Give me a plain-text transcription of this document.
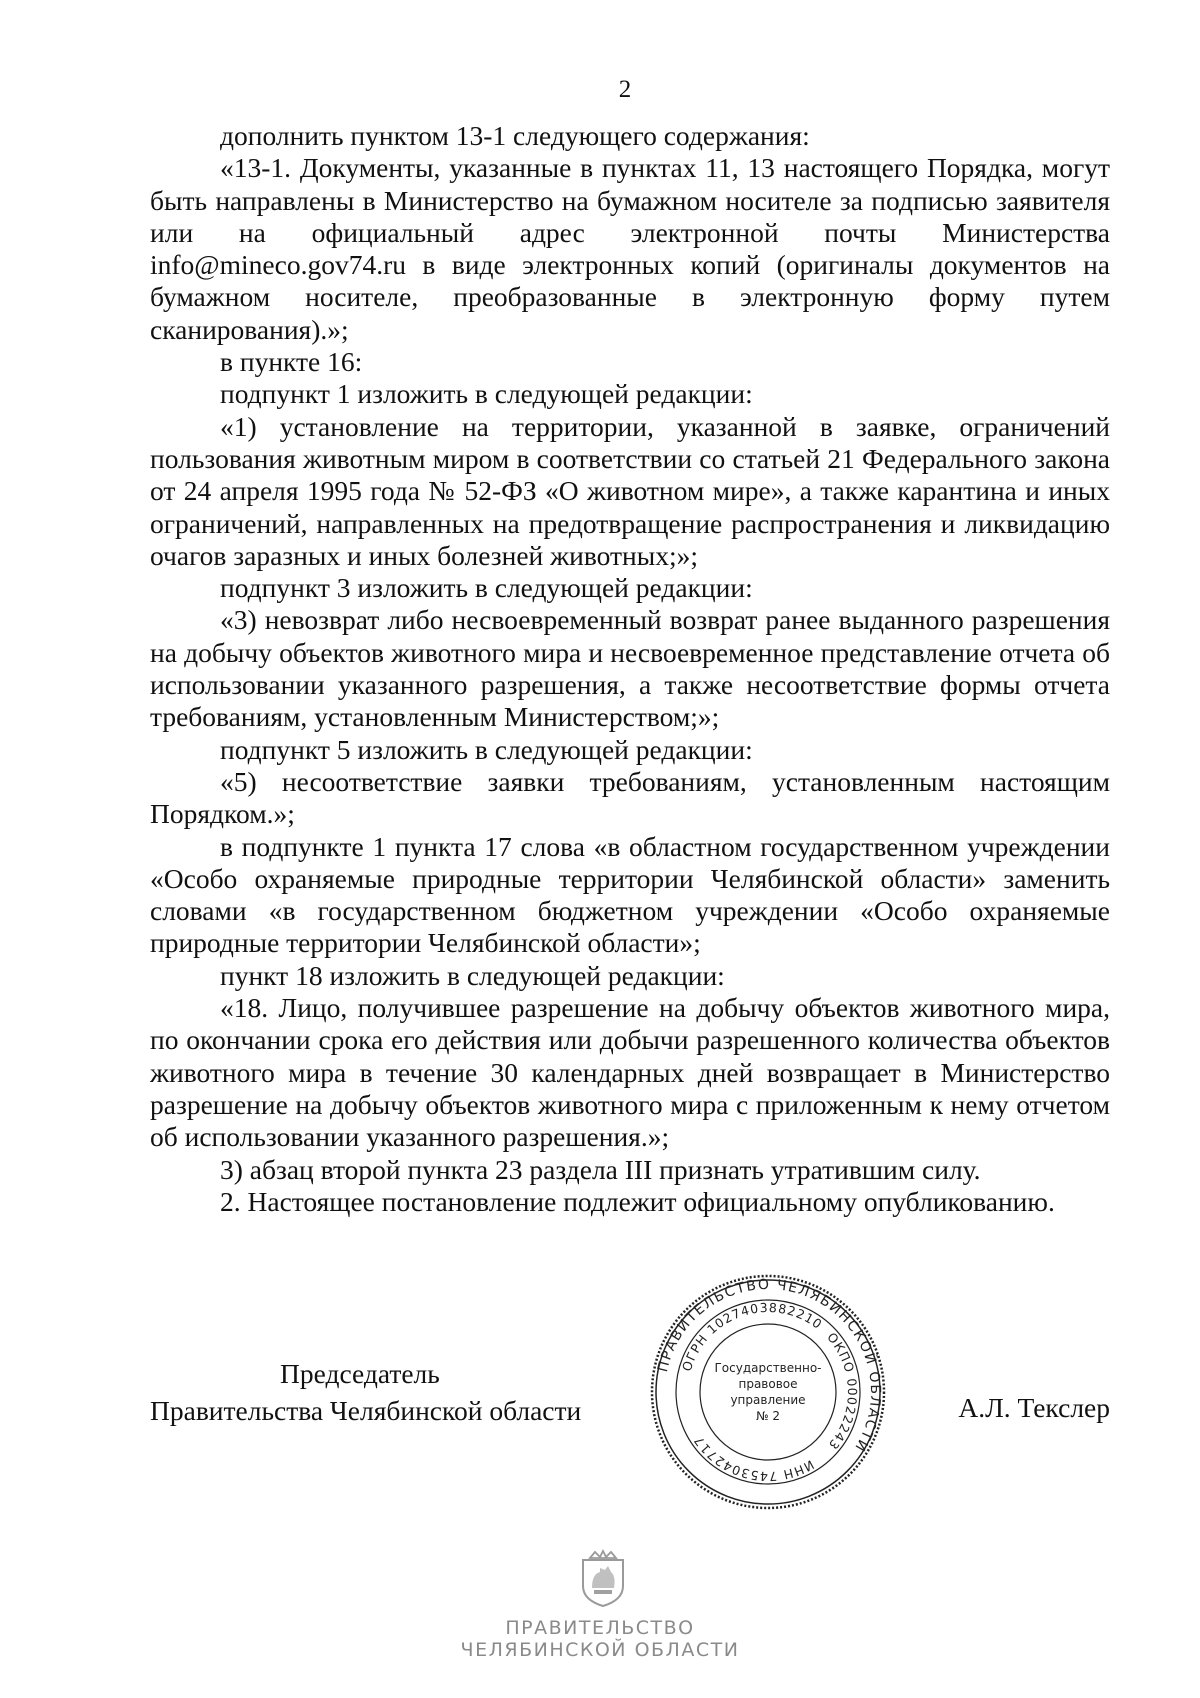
2

дополнить пунктом 13-1 следующего содержания:

«13-1. Документы, указанные в пунктах 11, 13 настоящего Порядка, могут быть направлены в Министерство на бумажном носителе за подписью заявителя или на официальный адрес электронной почты Министерства info@mineco.gov74.ru в виде электронных копий (оригиналы документов на бумажном носителе, преобразованные в электронную форму путем сканирования).»;

в пункте 16:

подпункт 1 изложить в следующей редакции:

«1) установление на территории, указанной в заявке, ограничений пользования животным миром в соответствии со статьей 21 Федерального закона от 24 апреля 1995 года № 52-ФЗ «О животном мире», а также карантина и иных ограничений, направленных на предотвращение распространения и ликвидацию очагов заразных и иных болезней животных;»;

подпункт 3 изложить в следующей редакции:

«3) невозврат либо несвоевременный возврат ранее выданного разрешения на добычу объектов животного мира и несвоевременное представление отчета об использовании указанного разрешения, а также несоответствие формы отчета требованиям, установленным Министерством;»;

подпункт 5 изложить в следующей редакции:

«5) несоответствие заявки требованиям, установленным настоящим Порядком.»;

в подпункте 1 пункта 17 слова «в областном государственном учреждении «Особо охраняемые природные территории Челябинской области» заменить словами «в государственном бюджетном учреждении «Особо охраняемые природные территории Челябинской области»;

пункт 18 изложить в следующей редакции:

«18. Лицо, получившее разрешение на добычу объектов животного мира, по окончании срока его действия или добычи разрешенного количества объектов животного мира в течение 30 календарных дней возвращает в Министерство разрешение на добычу объектов животного мира с приложенным к нему отчетом об использовании указанного разрешения.»;

3) абзац второй пункта 23 раздела III признать утратившим силу.

2. Настоящее постановление подлежит официальному опубликованию.

Председатель
Правительства Челябинской области
ПРАВИТЕЛЬСТВО ЧЕЛЯБИНСКОЙ ОБЛАСТИ
ОГРН 1027403882210
ОКПО 00022243
ИНН 7453042717
Государственно-
правовое
управление
№ 2	А.Л. Текслер
ПРАВИТЕЛЬСТВО
ЧЕЛЯБИНСКОЙ ОБЛАСТИ
